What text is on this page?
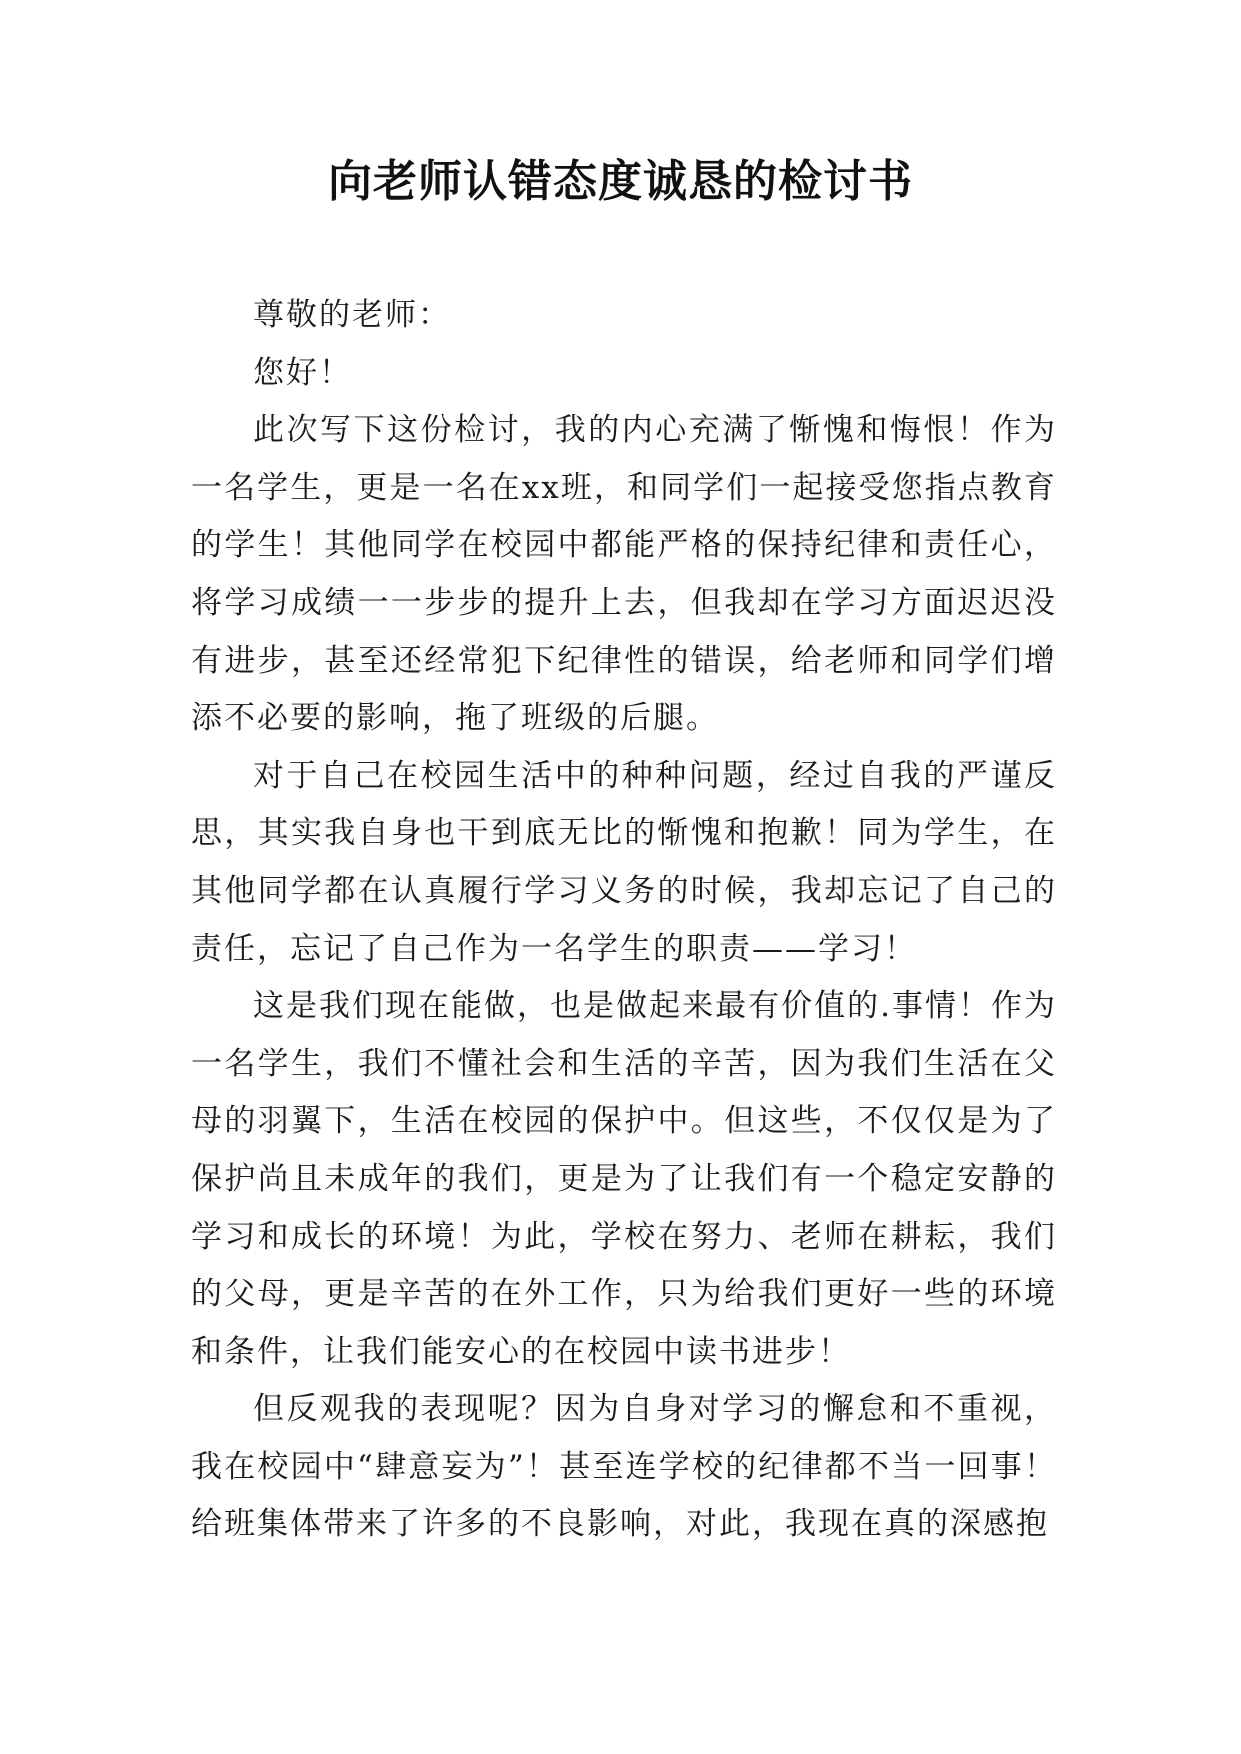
向老师认错态度诚恳的检讨书

尊敬的老师：

您好！

此次写下这份检讨，我的内心充满了惭愧和悔恨！作为一名学生，更是一名在xx班，和同学们一起接受您指点教育的学生！其他同学在校园中都能严格的保持纪律和责任心，将学习成绩一一步步的提升上去，但我却在学习方面迟迟没有进步，甚至还经常犯下纪律性的错误，给老师和同学们增添不必要的影响，拖了班级的后腿。

对于自己在校园生活中的种种问题，经过自我的严谨反思，其实我自身也干到底无比的惭愧和抱歉！同为学生，在其他同学都在认真履行学习义务的时候，我却忘记了自己的责任，忘记了自己作为一名学生的职责——学习！

这是我们现在能做，也是做起来最有价值的.事情！作为一名学生，我们不懂社会和生活的辛苦，因为我们生活在父母的羽翼下，生活在校园的保护中。但这些，不仅仅是为了保护尚且未成年的我们，更是为了让我们有一个稳定安静的学习和成长的环境！为此，学校在努力、老师在耕耘，我们的父母，更是辛苦的在外工作，只为给我们更好一些的环境和条件，让我们能安心的在校园中读书进步！

但反观我的表现呢？因为自身对学习的懈怠和不重视，我在校园中“肆意妄为”！甚至连学校的纪律都不当一回事！给班集体带来了许多的不良影响，对此，我现在真的深感抱
